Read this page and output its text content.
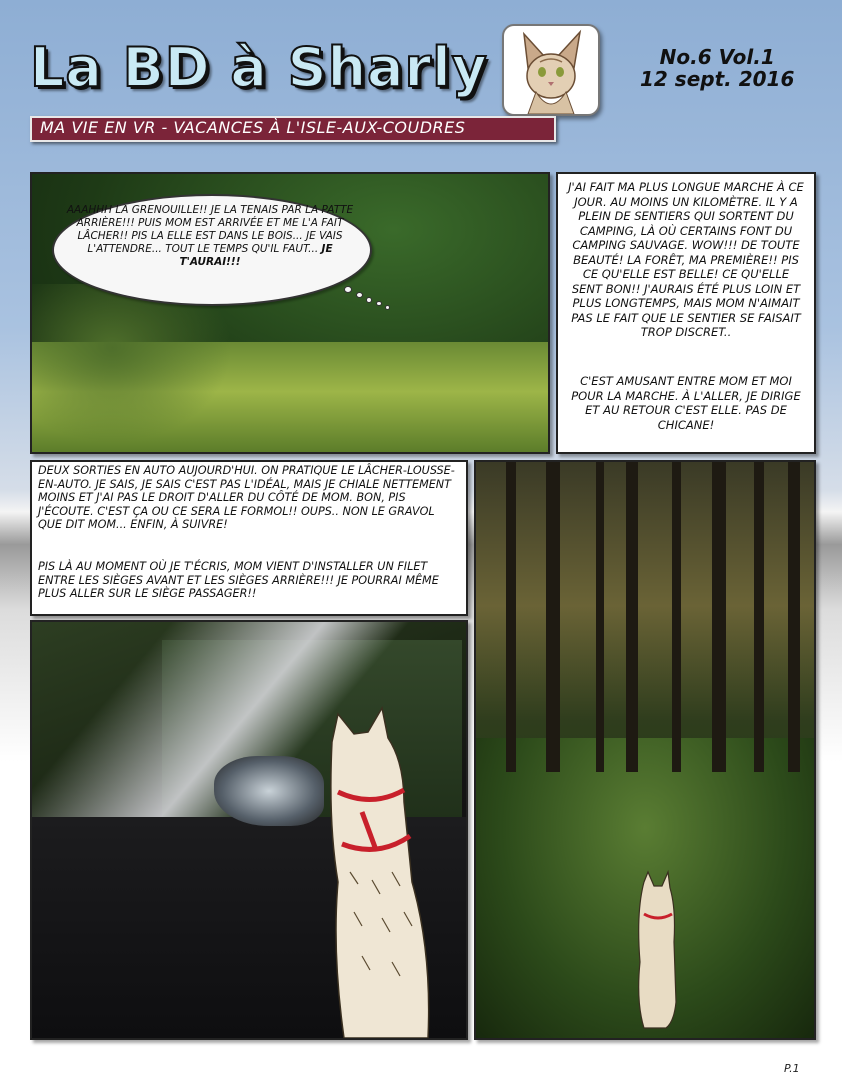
La BD à Sharly	No.6 Vol.1
12 sept. 2016

MA VIE EN VR - VACANCES À L'ISLE-AUX-COUDRES

AAAHHH LA GRENOUILLE!! JE LA TENAIS PAR LA PATTE ARRIÈRE!!! PUIS MOM EST ARRIVÉE ET ME L'A FAIT LÂCHER!! PIS LA ELLE EST DANS LE BOIS... JE VAIS L'ATTENDRE... TOUT LE TEMPS QU'IL FAUT... JE T'AURAI!!!

J'AI FAIT MA PLUS LONGUE MARCHE À CE JOUR. AU MOINS UN KILOMÈTRE. IL Y A PLEIN DE SENTIERS QUI SORTENT DU CAMPING, LÀ OÙ CERTAINS FONT DU CAMPING SAUVAGE. WOW!!! DE TOUTE BEAUTÉ! LA FORÊT, MA PREMIÈRE!! PIS CE QU'ELLE EST BELLE! CE QU'ELLE SENT BON!! J'AURAIS ÉTÉ PLUS LOIN ET PLUS LONGTEMPS, MAIS MOM N'AIMAIT PAS LE FAIT QUE LE SENTIER SE FAISAIT TROP DISCRET..

C'EST AMUSANT ENTRE MOM ET MOI POUR LA MARCHE. À L'ALLER, JE DIRIGE ET AU RETOUR C'EST ELLE. PAS DE CHICANE!

DEUX SORTIES EN AUTO AUJOURD'HUI. ON PRATIQUE LE LÂCHER-LOUSSE-EN-AUTO. JE SAIS, JE SAIS C'EST PAS L'IDÉAL, MAIS JE CHIALE NETTEMENT MOINS ET J'AI PAS LE DROIT D'ALLER DU CÔTÉ DE MOM. BON, PIS J'ÉCOUTE. C'EST ÇA OU CE SERA LE FORMOL!! OUPS.. NON LE GRAVOL QUE DIT MOM... ENFIN, À SUIVRE!

PIS LÀ AU MOMENT OÙ JE T'ÉCRIS, MOM VIENT D'INSTALLER UN FILET ENTRE LES SIÈGES AVANT ET LES SIÈGES ARRIÈRE!!! JE POURRAI MÊME PLUS ALLER SUR LE SIÈGE PASSAGER!!

P.1
